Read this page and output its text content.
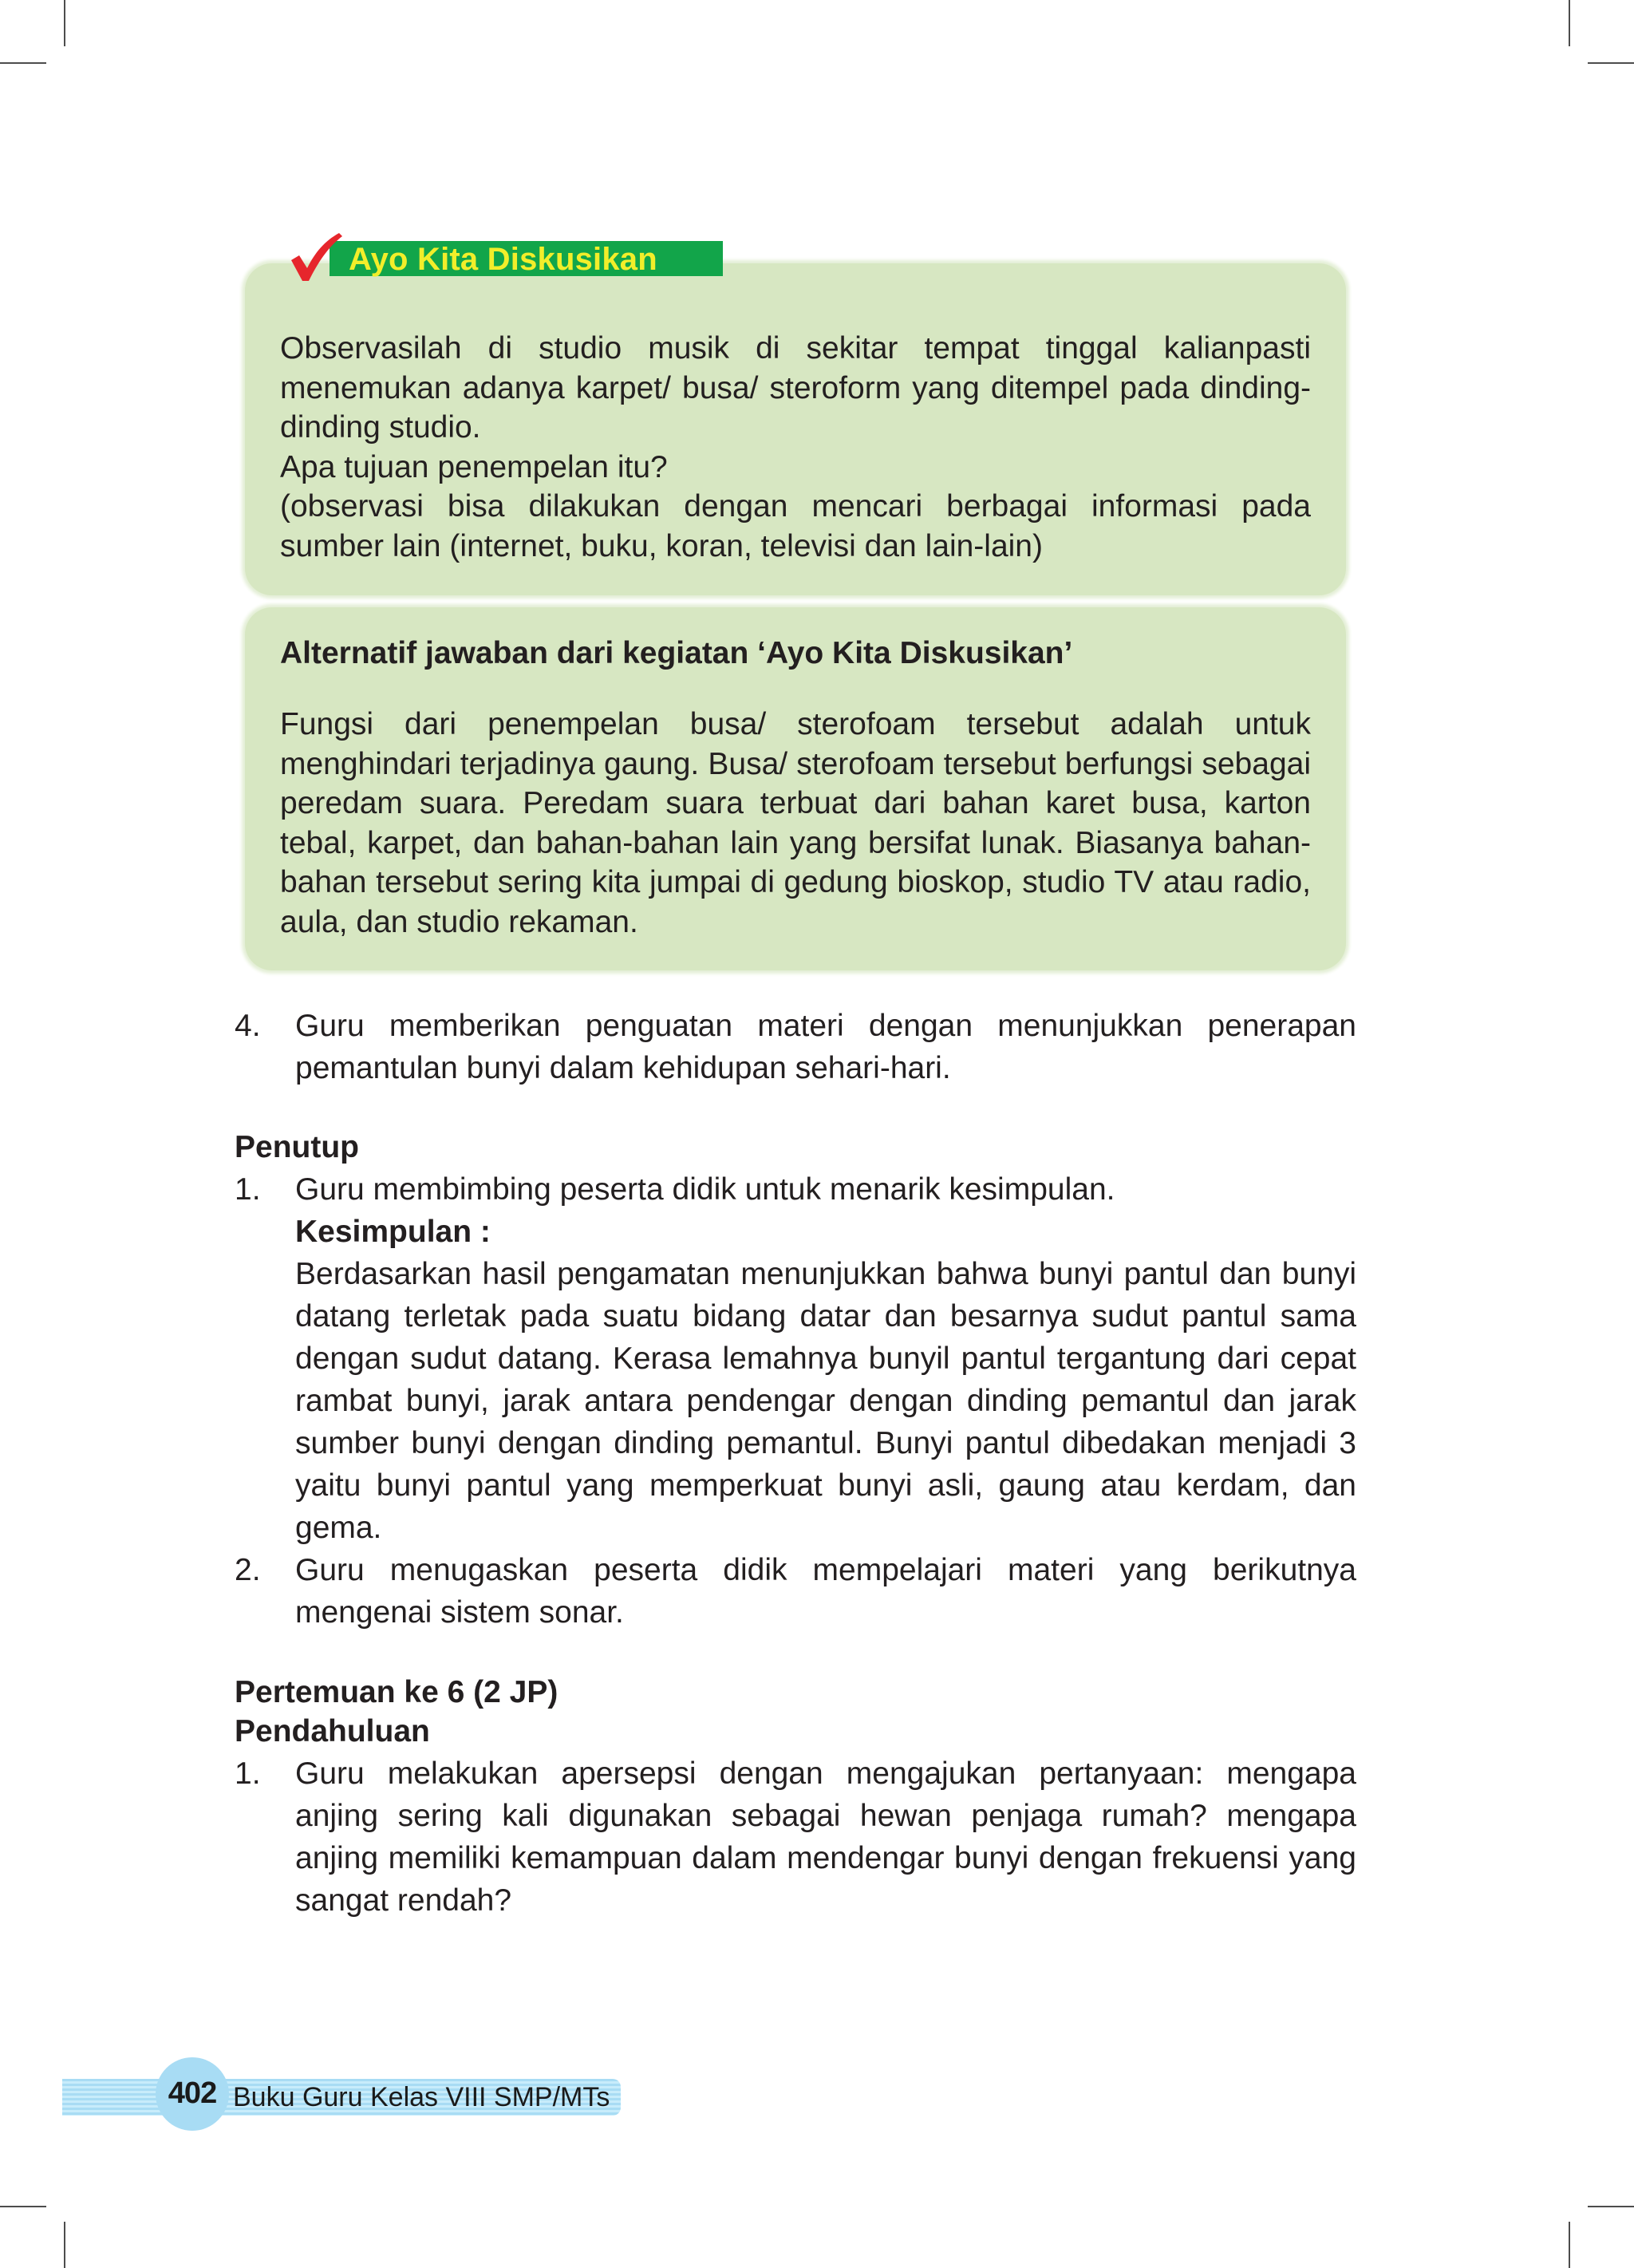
Observasilah di studio musik di sekitar tempat tinggal kalianpasti menemukan adanya karpet/ busa/ steroform yang ditempel pada dinding-dinding studio.

Apa tujuan penempelan itu?

(observasi bisa dilakukan dengan mencari berbagai informasi pada sumber lain (internet, buku, koran, televisi dan lain-lain)

Ayo Kita Diskusikan
Alternatif jawaban dari kegiatan ‘Ayo Kita Diskusikan’
Fungsi dari penempelan busa/ sterofoam tersebut adalah untuk menghindari terjadinya gaung. Busa/ sterofoam tersebut berfungsi sebagai peredam suara. Peredam suara terbuat dari bahan karet busa, karton tebal, karpet, dan bahan-bahan lain yang bersifat lunak. Biasanya bahan-bahan tersebut sering kita jumpai di gedung bioskop, studio TV atau radio, aula, dan studio rekaman.
4. Guru memberikan penguatan materi dengan menunjukkan penerapan pemantulan bunyi dalam kehidupan sehari-hari.
Penutup
1. Guru membimbing peserta didik untuk menarik kesimpulan.
Kesimpulan :
Berdasarkan hasil pengamatan menunjukkan bahwa bunyi pantul dan bunyi datang terletak pada suatu bidang datar dan besarnya sudut pantul sama dengan sudut datang. Kerasa lemahnya bunyil pantul tergantung dari cepat rambat bunyi, jarak antara pendengar dengan dinding pemantul dan jarak sumber bunyi dengan dinding pemantul. Bunyi pantul dibedakan menjadi 3 yaitu bunyi pantul yang memperkuat bunyi asli, gaung atau kerdam, dan gema.
2. Guru menugaskan peserta didik mempelajari materi yang berikutnya mengenai sistem sonar.
Pertemuan ke 6 (2 JP)
Pendahuluan
1. Guru melakukan apersepsi dengan mengajukan pertanyaan: mengapa anjing sering kali digunakan sebagai hewan penjaga rumah? mengapa anjing memiliki kemampuan dalam mendengar bunyi dengan frekuensi yang sangat rendah?
402 Buku Guru Kelas VIII SMP/MTs
